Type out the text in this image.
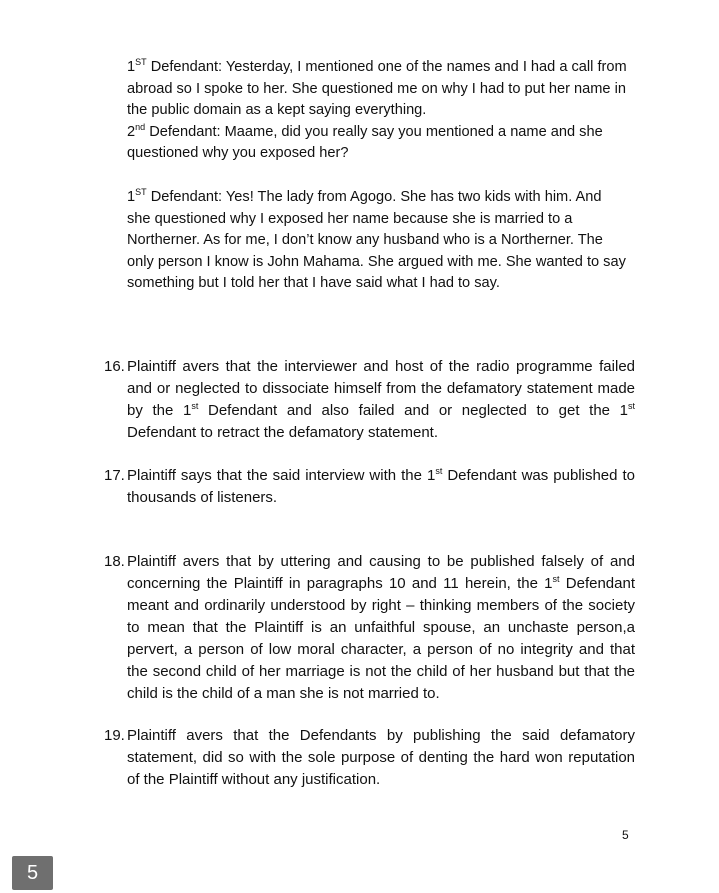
1ST Defendant: Yesterday, I mentioned one of the names and I had a call from abroad so I spoke to her. She questioned me on why I had to put her name in the public domain as a kept saying everything.

2nd Defendant: Maame, did you really say you mentioned a name and she questioned why you exposed her?

1ST Defendant: Yes! The lady from Agogo. She has two kids with him. And she questioned why I exposed her name because she is married to a Northerner. As for me, I don’t know any husband who is a Northerner. The only person I know is John Mahama. She argued with me. She wanted to say something but I told her that I have said what I had to say.

16. Plaintiff avers that the interviewer and host of the radio programme failed and or neglected to dissociate himself from the defamatory statement made by the 1st Defendant and also failed and or neglected to get the 1st Defendant to retract the defamatory statement.
17. Plaintiff says that the said interview with the 1st Defendant was published to thousands of listeners.
18. Plaintiff avers that by uttering and causing to be published falsely of and concerning the Plaintiff in paragraphs 10 and 11 herein, the 1st Defendant meant and ordinarily understood by right – thinking members of the society to mean that the Plaintiff is an unfaithful spouse, an unchaste person,a pervert, a person of low moral character, a person of no integrity and that the second child of her marriage is not the child of her husband but that the child is the child of a man she is not married to.
19. Plaintiff avers that the Defendants by publishing the said defamatory statement, did so with the sole purpose of denting the hard won reputation of the Plaintiff without any justification.
5
5
